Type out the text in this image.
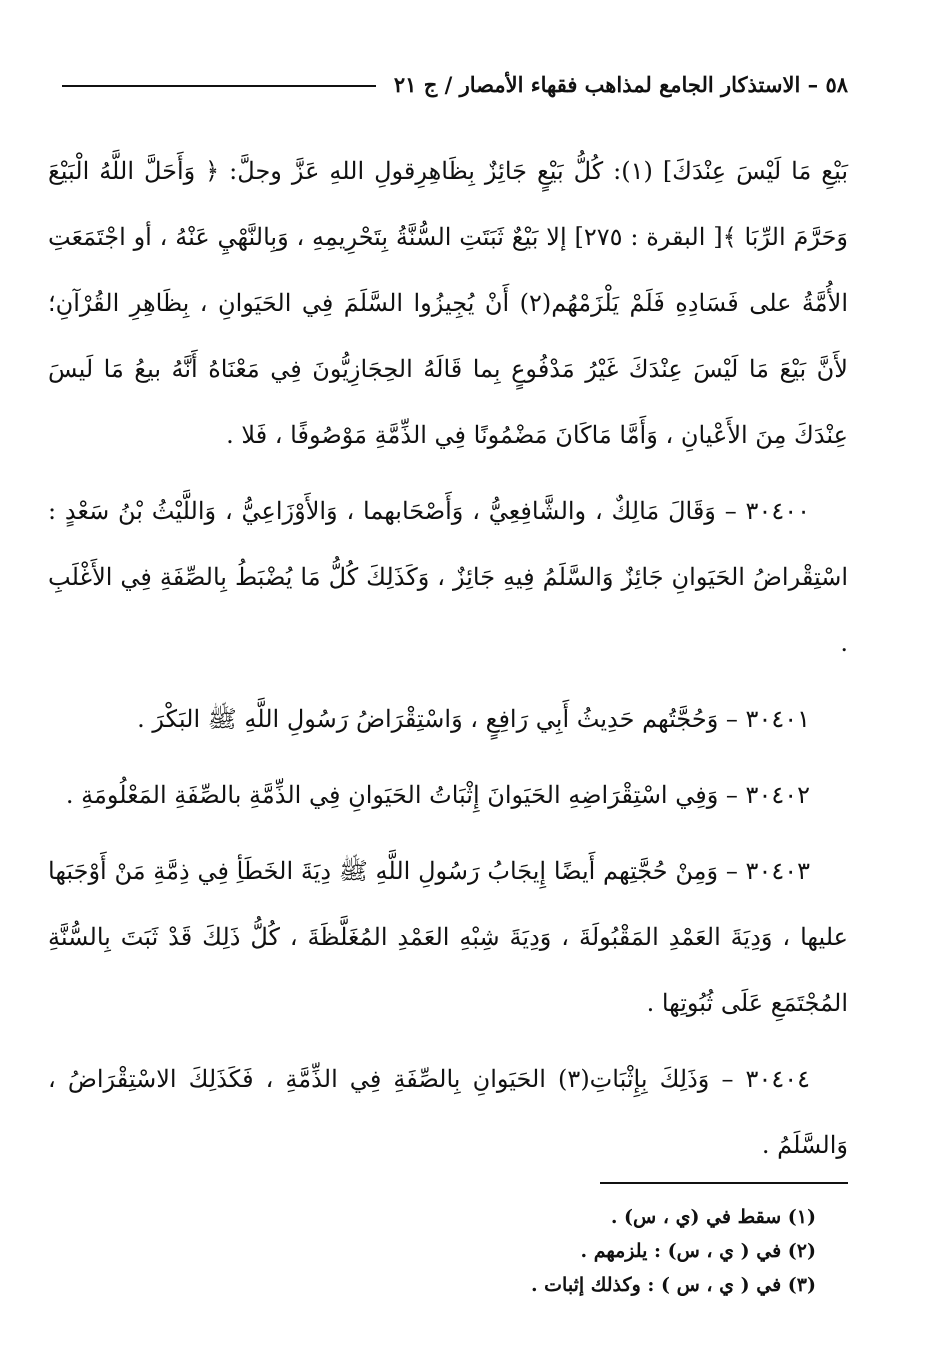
٥٨ – الاستذكار الجامع لمذاهب فقهاء الأمصار / ج ٢١

بَيْعِ مَا لَيْسَ عِنْدَكَ] (١): كُلُّ بَيْعٍ جَائِزٌ بِظَاهِرِقولِ اللهِ عَزَّ وجلَّ: ﴿ وَأَحَلَّ اللَّهُ الْبَيْعَ وَحَرَّمَ الرِّبَا ﴾[ البقرة : ٢٧٥] إلا بَيْعٌ ثَبَتَتِ السُّنَّةُ بِتَحْرِيمِهِ ، وَبِالنَّهْيِ عَنْهُ ، أو اجْتَمَعَتِ الأُمَّةُ على فَسَادِهِ فَلَمْ يَلْزَمْهُم(٢) أَنْ يُجِيزُوا السَّلَمَ فِي الحَيَوانِ ، بِظَاهِرِ القُرْآنِ؛ لأَنَّ بَيْعَ مَا لَيْسَ عِنْدَكَ غَيْرُ مَدْفُوعٍ بِما قَالَهُ الحِجَازِيُّونَ فِي مَعْنَاهُ أَنَّهُ بيعُ مَا لَيسَ عِنْدَكَ مِنَ الأَعْيانِ ، وَأَمَّا مَاكَانَ مَضْمُونًا فِي الذِّمَّةِ مَوْصُوفًا ، فَلا .

٣٠٤٠٠ – وَقَالَ مَالِكٌ ، والشَّافِعِيُّ ، وَأَصْحَابهما ، وَالأَوْزَاعِيُّ ، وَاللَّيْثُ بْنُ سَعْدٍ : اسْتِقْراضُ الحَيَوانِ جَائِزٌ وَالسَّلَمُ فِيهِ جَائِزٌ ، وَكَذَلِكَ كُلُّ مَا يُضْبَطُ بِالصِّفَةِ فِي الأَغْلَبِ .

٣٠٤٠١ – وَحُجَّتُهم حَدِيثُ أَبِي رَافِعٍ ، وَاسْتِقْرَاضُ رَسُولِ اللَّهِ ﷺ البَكْرَ .

٣٠٤٠٢ – وَفِي اسْتِقْرَاضِهِ الحَيَوانَ إِثْبَاتُ الحَيَوانِ فِي الذِّمَّةِ بالصِّفَةِ المَعْلُومَةِ .

٣٠٤٠٣ – وَمِنْ حُجَّتِهم أَيضًا إِيجَابُ رَسُولِ اللَّهِ ﷺ دِيَةَ الخَطَأِ فِي ذِمَّةِ مَنْ أَوْجَبَها عليها ، وَدِيَةَ العَمْدِ المَقْبُولَةَ ، وَدِيَةَ شِبْهِ العَمْدِ المُغَلَّظَةَ ، كُلُّ ذَلِكَ قَدْ ثَبَتَ بِالسُّنَّةِ المُجْتَمَعِ عَلَى ثُبُوتِها .

٣٠٤٠٤ – وَذَلِكَ بِإِثْبَاتِ(٣) الحَيَوانِ بِالصِّفَةِ فِي الذِّمَّةِ ، فَكَذَلِكَ الاسْتِقْرَاضُ ، وَالسَّلَمُ .

(١) سقط في (ي ، س) .

(٢) في ( ي ، س) : يلزمهم .

(٣) في ( ي ، س ) : وكذلك إثبات .
